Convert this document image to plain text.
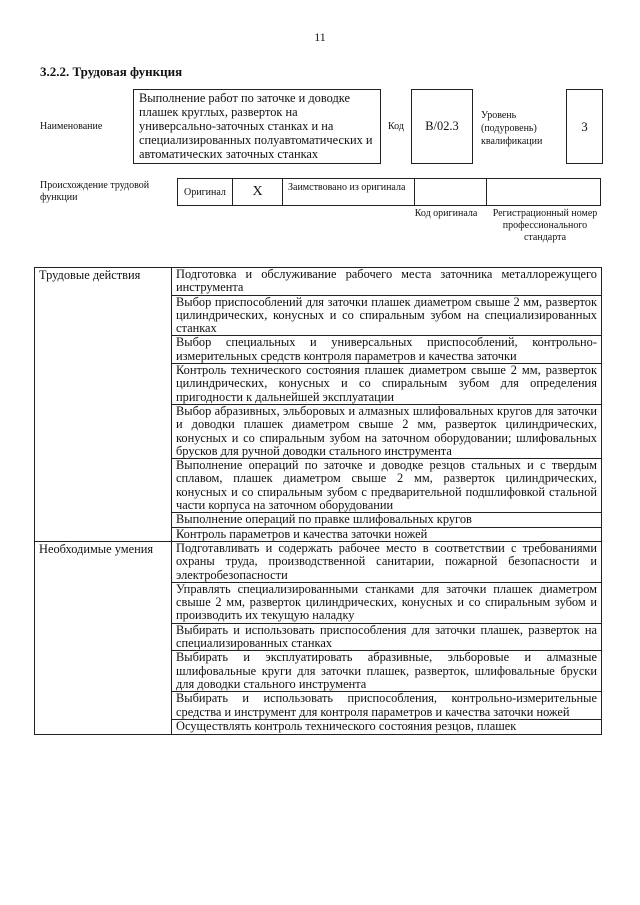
11
3.2.2. Трудовая функция
Наименование
Выполнение работ по заточке и доводке плашек круглых, разверток на универсально-заточных станках и на специализированных полуавтоматических и автоматических заточных станках
Код	В/02.3
Уровень (подуровень) квалификации
3
Происхождение трудовой функции	Оригинал	X	Заимствовано из оригинала
Код оригинала	Регистрационный номер профессионального стандарта
Трудовые действия	Подготовка и обслуживание рабочего места заточника металлорежущего инструмента
	Выбор приспособлений для заточки плашек диаметром свыше 2 мм, разверток цилиндрических, конусных и со спиральным зубом на специализированных станках
	Выбор специальных и универсальных приспособлений, контрольно-измерительных средств контроля параметров и качества заточки
	Контроль технического состояния плашек диаметром свыше 2 мм, разверток цилиндрических, конусных и со спиральным зубом для определения пригодности к дальнейшей эксплуатации
	Выбор абразивных, эльборовых и алмазных шлифовальных кругов для заточки и доводки плашек диаметром свыше 2 мм, разверток цилиндрических, конусных и со спиральным зубом на заточном оборудовании; шлифовальных брусков для ручной доводки стального инструмента
	Выполнение операций по заточке и доводке резцов стальных и с твердым сплавом, плашек диаметром свыше 2 мм, разверток цилиндрических, конусных и со спиральным зубом с предварительной подшлифовкой стальной части корпуса на заточном оборудовании
	Выполнение операций по правке шлифовальных кругов
	Контроль параметров и качества заточки ножей
Необходимые умения	Подготавливать и содержать рабочее место в соответствии с требованиями охраны труда, производственной санитарии, пожарной безопасности и электробезопасности
	Управлять специализированными станками для заточки плашек диаметром свыше 2 мм, разверток цилиндрических, конусных и со спиральным зубом и производить их текущую наладку
	Выбирать и использовать приспособления для заточки плашек, разверток на специализированных станках
	Выбирать и эксплуатировать абразивные, эльборовые и алмазные шлифовальные круги для заточки плашек, разверток, шлифовальные бруски для доводки стального инструмента
	Выбирать и использовать приспособления, контрольно-измерительные средства и инструмент для контроля параметров и качества заточки ножей
	Осуществлять контроль технического состояния резцов, плашек
